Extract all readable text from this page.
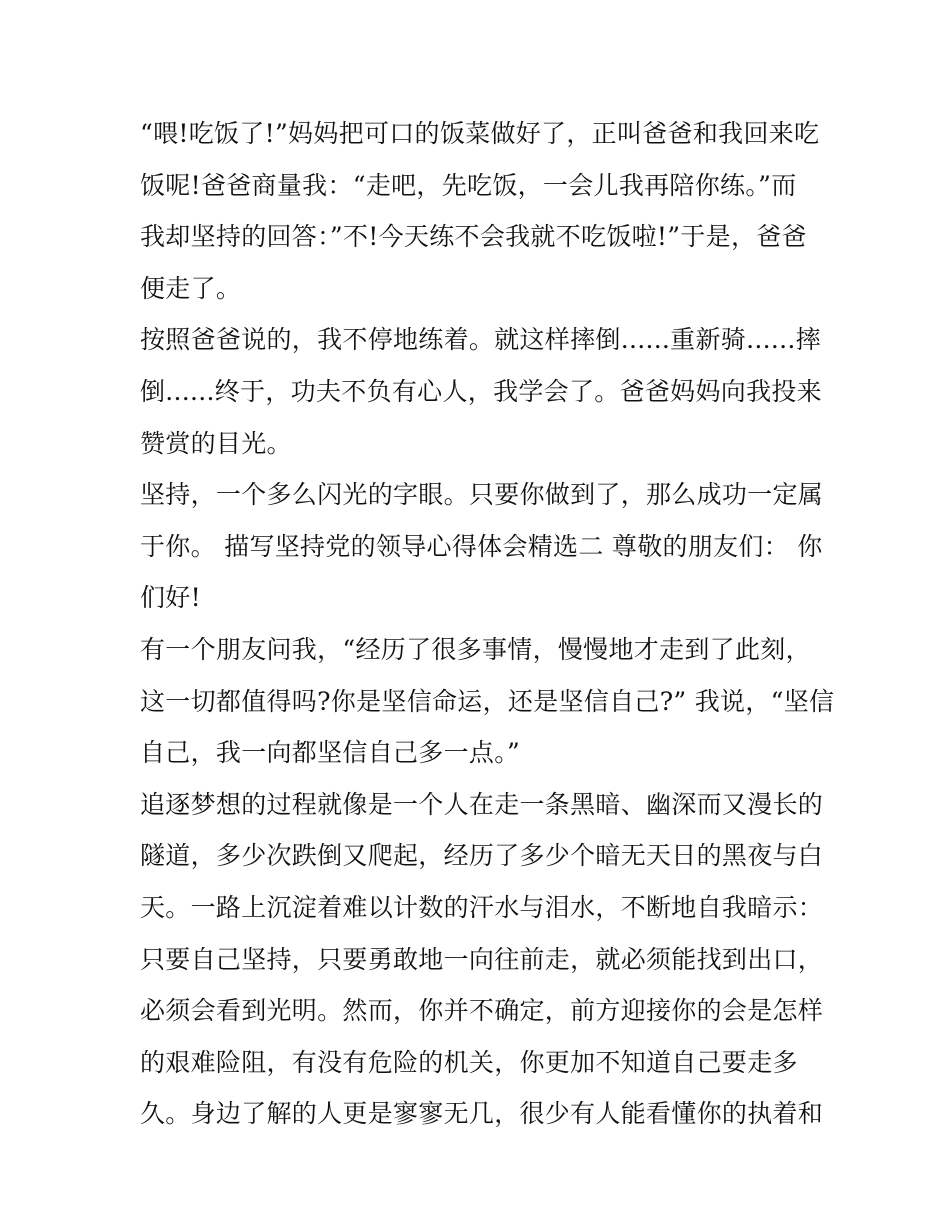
“喂!吃饭了!”妈妈把可口的饭菜做好了，正叫爸爸和我回来吃
饭呢!爸爸商量我：“走吧，先吃饭，一会儿我再陪你练。”而
我却坚持的回答：”不!今天练不会我就不吃饭啦!”于是，爸爸
便走了。
按照爸爸说的，我不停地练着。就这样摔倒......重新骑......摔
倒......终于，功夫不负有心人，我学会了。爸爸妈妈向我投来
赞赏的目光。
坚持，一个多么闪光的字眼。只要你做到了，那么成功一定属
于你。 描写坚持党的领导心得体会精选二 尊敬的朋友们： 你
们好!
有一个朋友问我，“经历了很多事情，慢慢地才走到了此刻，
这一切都值得吗?你是坚信命运，还是坚信自己?” 我说，“坚信
自己，我一向都坚信自己多一点。”
追逐梦想的过程就像是一个人在走一条黑暗、幽深而又漫长的
隧道，多少次跌倒又爬起，经历了多少个暗无天日的黑夜与白
天。一路上沉淀着难以计数的汗水与泪水，不断地自我暗示：
只要自己坚持，只要勇敢地一向往前走，就必须能找到出口，
必须会看到光明。然而，你并不确定，前方迎接你的会是怎样
的艰难险阻，有没有危险的机关，你更加不知道自己要走多
久。身边了解的人更是寥寥无几，很少有人能看懂你的执着和
